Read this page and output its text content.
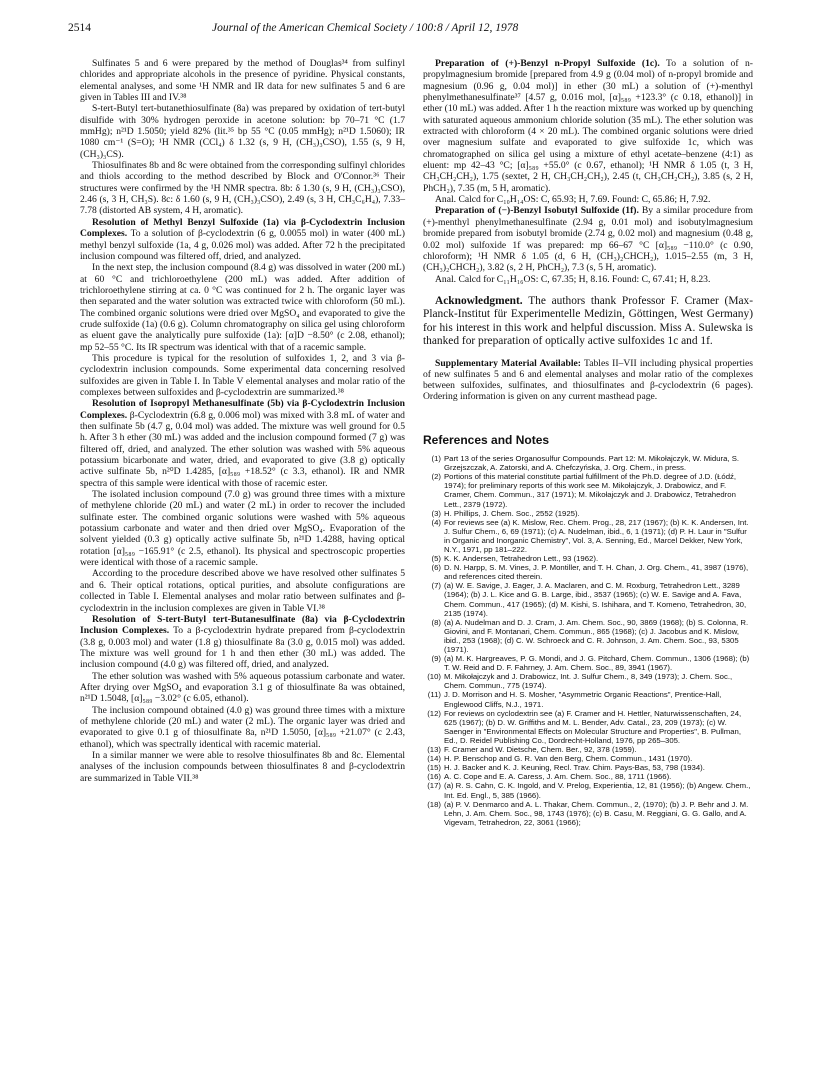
2514	Journal of the American Chemical Society / 100:8 / April 12, 1978

Sulfinates 5 and 6 were prepared by the method of Douglas³⁴ from sulfinyl chlorides and appropriate alcohols in the presence of pyridine. Physical constants, elemental analyses, and some ¹H NMR and IR data for new sulfinates 5 and 6 are given in Tables III and IV.³⁸

S-tert-Butyl tert-butanethiosulfinate (8a) was prepared by oxidation of tert-butyl disulfide with 30% hydrogen peroxide in acetone solution: bp 70–71 °C (1.7 mmHg); n²¹D 1.5050; yield 82% (lit.³⁵ bp 55 °C (0.05 mmHg); n²¹D 1.5060); IR 1080 cm⁻¹ (S=O); ¹H NMR (CCl₄) δ 1.32 (s, 9 H, (CH₃)₃CSO), 1.55 (s, 9 H, (CH₃)₃CS).

Thiosulfinates 8b and 8c were obtained from the corresponding sulfinyl chlorides and thiols according to the method described by Block and O'Connor.³⁶ Their structures were confirmed by the ¹H NMR spectra. 8b: δ 1.30 (s, 9 H, (CH₃)₃CSO), 2.46 (s, 3 H, CH₃S). 8c: δ 1.60 (s, 9 H, (CH₃)₃CSO), 2.49 (s, 3 H, CH₃C₆H₄), 7.33–7.78 (distorted AB system, 4 H, aromatic).

Resolution of Methyl Benzyl Sulfoxide (1a) via β-Cyclodextrin Inclusion Complexes. To a solution of β-cyclodextrin (6 g, 0.0055 mol) in water (400 mL) methyl benzyl sulfoxide (1a, 4 g, 0.026 mol) was added. After 72 h the precipitated inclusion compound was filtered off, dried, and analyzed.

In the next step, the inclusion compound (8.4 g) was dissolved in water (200 mL) at 60 °C and trichloroethylene (200 mL) was added. After addition of trichloroethylene stirring at ca. 0 °C was continued for 2 h. The organic layer was then separated and the water solution was extracted twice with chloroform (50 mL). The combined organic solutions were dried over MgSO₄ and evaporated to give the crude sulfoxide (1a) (0.6 g). Column chromatography on silica gel using chloroform as eluent gave the analytically pure sulfoxide (1a): [α]D −8.50° (c 2.08, ethanol); mp 52–55 °C. Its IR spectrum was identical with that of a racemic sample.

This procedure is typical for the resolution of sulfoxides 1, 2, and 3 via β-cyclodextrin inclusion compounds. Some experimental data concerning resolved sulfoxides are given in Table I. In Table V elemental analyses and molar ratio of the complexes between sulfoxides and β-cyclodextrin are summarized.³⁸

Resolution of Isopropyl Methanesulfinate (5b) via β-Cyclodextrin Inclusion Complexes. β-Cyclodextrin (6.8 g, 0.006 mol) was mixed with 3.8 mL of water and then sulfinate 5b (4.7 g, 0.04 mol) was added. The mixture was well ground for 0.5 h. After 3 h ether (30 mL) was added and the inclusion compound formed (7 g) was filtered off, dried, and analyzed. The ether solution was washed with 5% aqueous potassium bicarbonate and water, dried, and evaporated to give (3.8 g) optically active sulfinate 5b, n²⁰D 1.4285, [α]₅₈₉ +18.52° (c 3.3, ethanol). IR and NMR spectra of this sample were identical with those of racemic ester.

The isolated inclusion compound (7.0 g) was ground three times with a mixture of methylene chloride (20 mL) and water (2 mL) in order to recover the included sulfinate ester. The combined organic solutions were washed with 5% aqueous potassium carbonate and water and then dried over MgSO₄. Evaporation of the solvent yielded (0.3 g) optically active sulfinate 5b, n²¹D 1.4288, having optical rotation [α]₅₈₉ −165.91° (c 2.5, ethanol). Its physical and spectroscopic properties were identical with those of a racemic sample.

According to the procedure described above we have resolved other sulfinates 5 and 6. Their optical rotations, optical purities, and absolute configurations are collected in Table I. Elemental analyses and molar ratio between sulfinates and β-cyclodextrin in the inclusion complexes are given in Table VI.³⁸

Resolution of S-tert-Butyl tert-Butanesulfinate (8a) via β-Cyclodextrin Inclusion Complexes. To a β-cyclodextrin hydrate prepared from β-cyclodextrin (3.8 g, 0.003 mol) and water (1.8 g) thiosulfinate 8a (3.0 g, 0.015 mol) was added. The mixture was well ground for 1 h and then ether (30 mL) was added. The inclusion compound (4.0 g) was filtered off, dried, and analyzed.

The ether solution was washed with 5% aqueous potassium carbonate and water. After drying over MgSO₄ and evaporation 3.1 g of thiosulfinate 8a was obtained, n²¹D 1.5048, [α]₅₈₉ −3.02° (c 6.05, ethanol).

The inclusion compound obtained (4.0 g) was ground three times with a mixture of methylene chloride (20 mL) and water (2 mL). The organic layer was dried and evaporated to give 0.1 g of thiosulfinate 8a, n²¹D 1.5050, [α]₅₈₉ +21.07° (c 2.43, ethanol), which was spectrally identical with racemic material.

In a similar manner we were able to resolve thiosulfinates 8b and 8c. Elemental analyses of the inclusion compounds between thiosulfinates 8 and β-cyclodextrin are summarized in Table VII.³⁸

Preparation of (+)-Benzyl n-Propyl Sulfoxide (1c). To a solution of n-propylmagnesium bromide [prepared from 4.9 g (0.04 mol) of n-propyl bromide and magnesium (0.96 g, 0.04 mol)] in ether (30 mL) a solution of (+)-menthyl phenylmethanesulfinate³⁷ [4.57 g, 0.016 mol, [α]₅₈₉ +123.3° (c 0.18, ethanol)] in ether (10 mL) was added. After 1 h the reaction mixture was worked up by quenching with saturated aqueous ammonium chloride solution (35 mL). The ether solution was extracted with chloroform (4 × 20 mL). The combined organic solutions were dried over magnesium sulfate and evaporated to give sulfoxide 1c, which was chromatographed on silica gel using a mixture of ethyl acetate–benzene (4:1) as eluent: mp 42–43 °C; [α]₅₈₉ +55.0° (c 0.67, ethanol); ¹H NMR δ 1.05 (t, 3 H, CH₃CH₂CH₂), 1.75 (sextet, 2 H, CH₃CH₂CH₂), 2.45 (t, CH₃CH₂CH₂), 3.85 (s, 2 H, PhCH₂), 7.35 (m, 5 H, aromatic).

Anal. Calcd for C₁₀H₁₄OS: C, 65.93; H, 7.69. Found: C, 65.86; H, 7.92.

Preparation of (−)-Benzyl Isobutyl Sulfoxide (1f). By a similar procedure from (+)-menthyl phenylmethanesulfinate (2.94 g, 0.01 mol) and isobutylmagnesium bromide prepared from isobutyl bromide (2.74 g, 0.02 mol) and magnesium (0.48 g, 0.02 mol) sulfoxide 1f was prepared: mp 66–67 °C [α]₅₈₉ −110.0° (c 0.90, chloroform); ¹H NMR δ 1.05 (d, 6 H, (CH₃)₂CHCH₂), 1.015–2.55 (m, 3 H, (CH₃)₂CHCH₂), 3.82 (s, 2 H, PhCH₂), 7.3 (s, 5 H, aromatic).

Anal. Calcd for C₁₁H₁₆OS: C, 67.35; H, 8.16. Found: C, 67.41; H, 8.23.

Acknowledgment. The authors thank Professor F. Cramer (Max-Planck-Institut für Experimentelle Medizin, Göttingen, West Germany) for his interest in this work and helpful discussion. Miss A. Sulewska is thanked for preparation of optically active sulfoxides 1c and 1f.

Supplementary Material Available: Tables II–VII including physical properties of new sulfinates 5 and 6 and elemental analyses and molar ratio of the complexes between sulfoxides, sulfinates, and thiosulfinates and β-cyclodextrin (6 pages). Ordering information is given on any current masthead page.

References and Notes
(1) Part 13 of the series Organosulfur Compounds. Part 12: M. Mikołajczyk, W. Midura, S. Grzejszczak, A. Zatorski, and A. Chefczyńska, J. Org. Chem., in press.
(2) Portions of this material constitute partial fulfillment of the Ph.D. degree of J.D. (Łódź, 1974); for preliminary reports of this work see M. Mikołajczyk, J. Drabowicz, and F. Cramer, Chem. Commun., 317 (1971); M. Mikołajczyk and J. Drabowicz, Tetrahedron Lett., 2379 (1972).
(3) H. Phillips, J. Chem. Soc., 2552 (1925).
(4) For reviews see (a) K. Mislow, Rec. Chem. Prog., 28, 217 (1967); (b) K. K. Andersen, Int. J. Sulfur Chem., 6, 69 (1971); (c) A. Nudelman, ibid., 6, 1 (1971); (d) P. H. Laur in "Sulfur in Organic and Inorganic Chemistry", Vol. 3, A. Senning, Ed., Marcel Dekker, New York, N.Y., 1971, pp 181–222.
(5) K. K. Andersen, Tetrahedron Lett., 93 (1962).
(6) D. N. Harpp, S. M. Vines, J. P. Montiller, and T. H. Chan, J. Org. Chem., 41, 3987 (1976), and references cited therein.
(7) (a) W. E. Savige, J. Eager, J. A. Maclaren, and C. M. Roxburg, Tetrahedron Lett., 3289 (1964); (b) J. L. Kice and G. B. Large, ibid., 3537 (1965); (c) W. E. Savige and A. Fava, Chem. Commun., 417 (1965); (d) M. Kishi, S. Ishihara, and T. Komeno, Tetrahedron, 30, 2135 (1974).
(8) (a) A. Nudelman and D. J. Cram, J. Am. Chem. Soc., 90, 3869 (1968); (b) S. Colonna, R. Giovini, and F. Montanari, Chem. Commun., 865 (1968); (c) J. Jacobus and K. Mislow, ibid., 253 (1968); (d) C. W. Schroeck and C. R. Johnson, J. Am. Chem. Soc., 93, 5305 (1971).
(9) (a) M. K. Hargreaves, P. G. Mondi, and J. G. Pitchard, Chem. Commun., 1306 (1968); (b) T. W. Reid and D. F. Fahrney, J. Am. Chem. Soc., 89, 3941 (1967).
(10) M. Mikołajczyk and J. Drabowicz, Int. J. Sulfur Chem., 8, 349 (1973); J. Chem. Soc., Chem. Commun., 775 (1974).
(11) J. D. Morrison and H. S. Mosher, "Asymmetric Organic Reactions", Prentice-Hall, Englewood Cliffs, N.J., 1971.
(12) For reviews on cyclodextrin see (a) F. Cramer and H. Hettler, Naturwissenschaften, 24, 625 (1967); (b) D. W. Griffiths and M. L. Bender, Adv. Catal., 23, 209 (1973); (c) W. Saenger in "Environmental Effects on Molecular Structure and Properties", B. Pullman, Ed., D. Reidel Publishing Co., Dordrecht-Holland, 1976, pp 265–305.
(13) F. Cramer and W. Dietsche, Chem. Ber., 92, 378 (1959).
(14) H. P. Benschop and G. R. Van den Berg, Chem. Commun., 1431 (1970).
(15) H. J. Backer and K. J. Keuning, Recl. Trav. Chim. Pays-Bas, 53, 798 (1934).
(16) A. C. Cope and E. A. Caress, J. Am. Chem. Soc., 88, 1711 (1966).
(17) (a) R. S. Cahn, C. K. Ingold, and V. Prelog, Experientia, 12, 81 (1956); (b) Angew. Chem., Int. Ed. Engl., 5, 385 (1966).
(18) (a) P. V. Denmarco and A. L. Thakar, Chem. Commun., 2, (1970); (b) J. P. Behr and J. M. Lehn, J. Am. Chem. Soc., 98, 1743 (1976); (c) B. Casu, M. Reggiani, G. G. Gallo, and A. Vigevam, Tetrahedron, 22, 3061 (1966);
